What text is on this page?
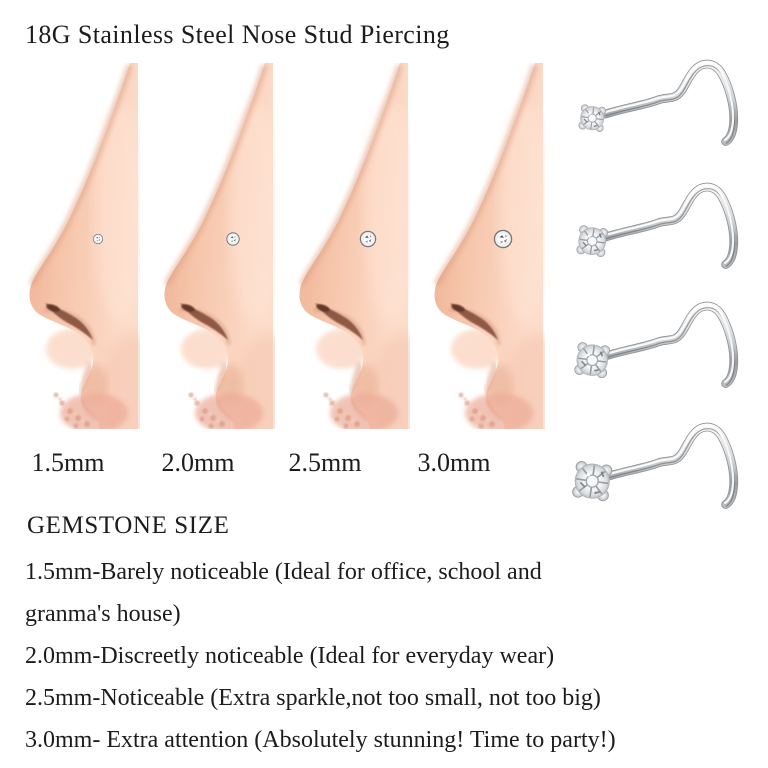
18G Stainless Steel Nose Stud Piercing
1.5mm	2.0mm	2.5mm	3.0mm
GEMSTONE SIZE
1.5mm-Barely noticeable (Ideal for office, school and
granma's house)
2.0mm-Discreetly noticeable (Ideal for everyday wear)
2.5mm-Noticeable (Extra sparkle,not too small, not too big)
3.0mm- Extra attention (Absolutely stunning! Time to party!)
